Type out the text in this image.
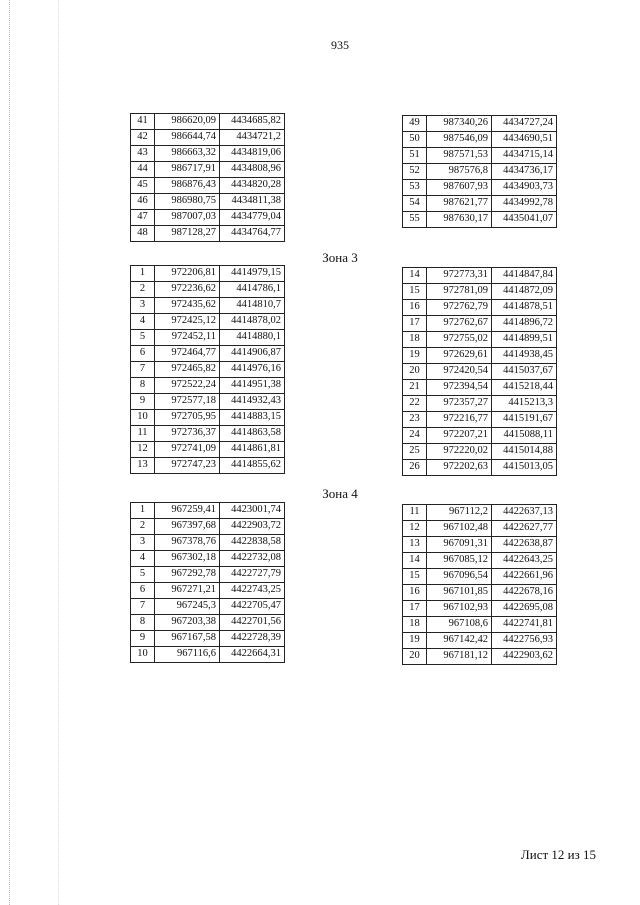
935
41	986620,09	4434685,82
42	986644,74	4434721,2
43	986663,32	4434819,06
44	986717,91	4434808,96
45	986876,43	4434820,28
46	986980,75	4434811,38
47	987007,03	4434779,04
48	987128,27	4434764,77
49	987340,26	4434727,24
50	987546,09	4434690,51
51	987571,53	4434715,14
52	987576,8	4434736,17
53	987607,93	4434903,73
54	987621,77	4434992,78
55	987630,17	4435041,07
Зона 3
1	972206,81	4414979,15
2	972236,62	4414786,1
3	972435,62	4414810,7
4	972425,12	4414878,02
5	972452,11	4414880,1
6	972464,77	4414906,87
7	972465,82	4414976,16
8	972522,24	4414951,38
9	972577,18	4414932,43
10	972705,95	4414883,15
11	972736,37	4414863,58
12	972741,09	4414861,81
13	972747,23	4414855,62
14	972773,31	4414847,84
15	972781,09	4414872,09
16	972762,79	4414878,51
17	972762,67	4414896,72
18	972755,02	4414899,51
19	972629,61	4414938,45
20	972420,54	4415037,67
21	972394,54	4415218,44
22	972357,27	4415213,3
23	972216,77	4415191,67
24	972207,21	4415088,11
25	972220,02	4415014,88
26	972202,63	4415013,05
Зона 4
1	967259,41	4423001,74
2	967397,68	4422903,72
3	967378,76	4422838,58
4	967302,18	4422732,08
5	967292,78	4422727,79
6	967271,21	4422743,25
7	967245,3	4422705,47
8	967203,38	4422701,56
9	967167,58	4422728,39
10	967116,6	4422664,31
11	967112,2	4422637,13
12	967102,48	4422627,77
13	967091,31	4422638,87
14	967085,12	4422643,25
15	967096,54	4422661,96
16	967101,85	4422678,16
17	967102,93	4422695,08
18	967108,6	4422741,81
19	967142,42	4422756,93
20	967181,12	4422903,62
Лист 12 из 15
